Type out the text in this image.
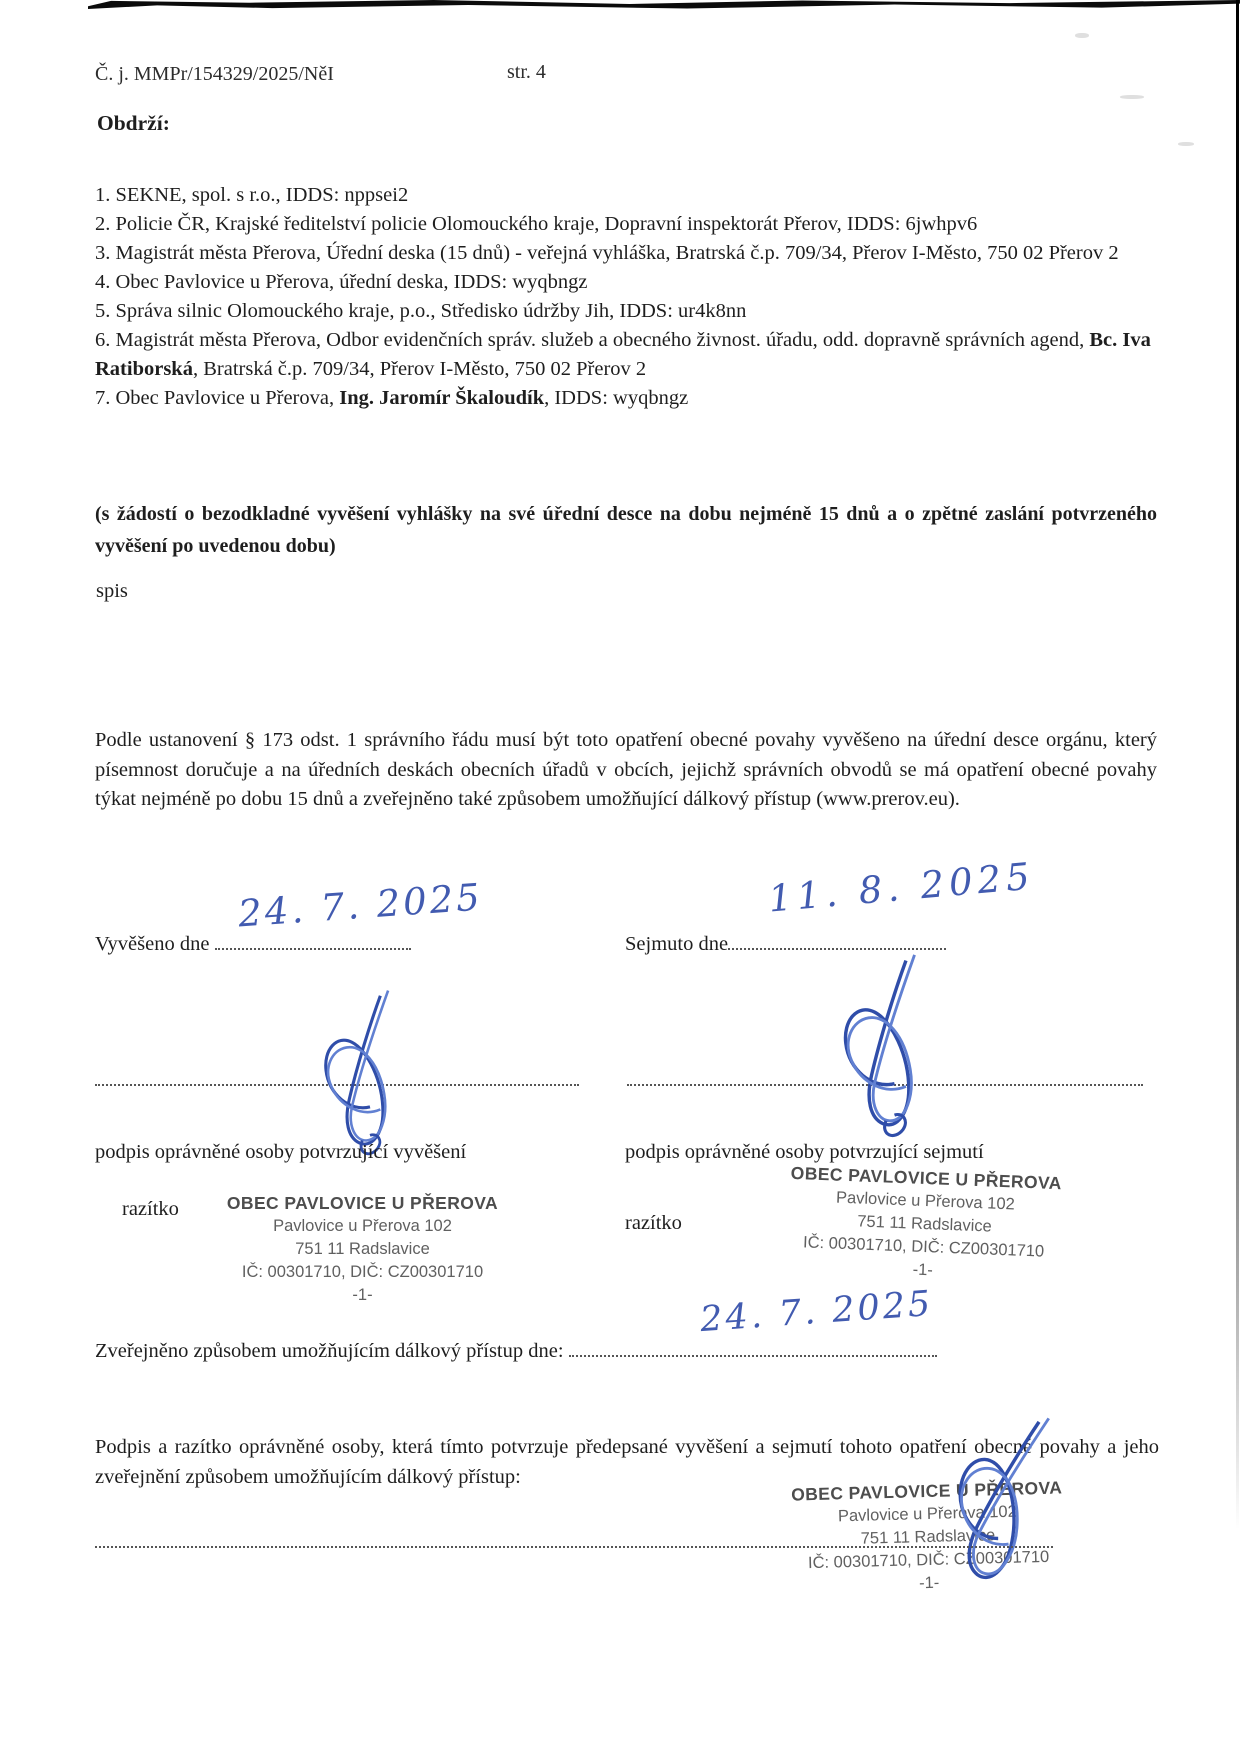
Č. j. MMPr/154329/2025/NěI	str. 4
Obdrží:

1. SEKNE, spol. s r.o., IDDS: nppsei2

2. Policie ČR, Krajské ředitelství policie Olomouckého kraje, Dopravní inspektorát Přerov, IDDS: 6jwhpv6

3. Magistrát města Přerova, Úřední deska (15 dnů) - veřejná vyhláška, Bratrská č.p. 709/34, Přerov I-Město, 750 02 Přerov 2

4. Obec Pavlovice u Přerova, úřední deska, IDDS: wyqbngz

5. Správa silnic Olomouckého kraje, p.o., Středisko údržby Jih, IDDS: ur4k8nn

6. Magistrát města Přerova, Odbor evidenčních správ. služeb a obecného živnost. úřadu, odd. dopravně správních agend, Bc. Iva Ratiborská, Bratrská č.p. 709/34, Přerov I-Město, 750 02 Přerov 2

7. Obec Pavlovice u Přerova, Ing. Jaromír Škaloudík, IDDS: wyqbngz

(s žádostí o bezodkladné vyvěšení vyhlášky na své úřední desce na dobu nejméně 15 dnů a o zpětné zaslání potvrzeného vyvěšení po uvedenou dobu)
spis
Podle ustanovení § 173 odst. 1 správního řádu musí být toto opatření obecné povahy vyvěšeno na úřední desce orgánu, který písemnost doručuje a na úředních deskách obecních úřadů v obcích, jejichž správních obvodů se má opatření obecné povahy týkat nejméně po dobu 15 dnů a zveřejněno také způsobem umožňující dálkový přístup (www.prerov.eu).
Vyvěšeno dne	Sejmuto dne
24. 7. 2025	11. 8. 2025
podpis oprávněné osoby potvrzující vyvěšení	podpis oprávněné osoby potvrzující sejmutí
razítko
razítko
OBEC PAVLOVICE U PŘEROVA
Pavlovice u Přerova 102
751 11 Radslavice
IČ: 00301710, DIČ: CZ00301710
-1-
OBEC PAVLOVICE U PŘEROVA
Pavlovice u Přerova 102
751 11 Radslavice
IČ: 00301710, DIČ: CZ00301710
-1-
Zveřejněno způsobem umožňujícím dálkový přístup dne:
24. 7. 2025
Podpis a razítko oprávněné osoby, která tímto potvrzuje předepsané vyvěšení a sejmutí tohoto opatření obecné povahy a jeho zveřejnění způsobem umožňujícím dálkový přístup:
OBEC PAVLOVICE U PŘEROVA
Pavlovice u Přerova 102
751 11 Radslavice
IČ: 00301710, DIČ: CZ00301710
-1-
